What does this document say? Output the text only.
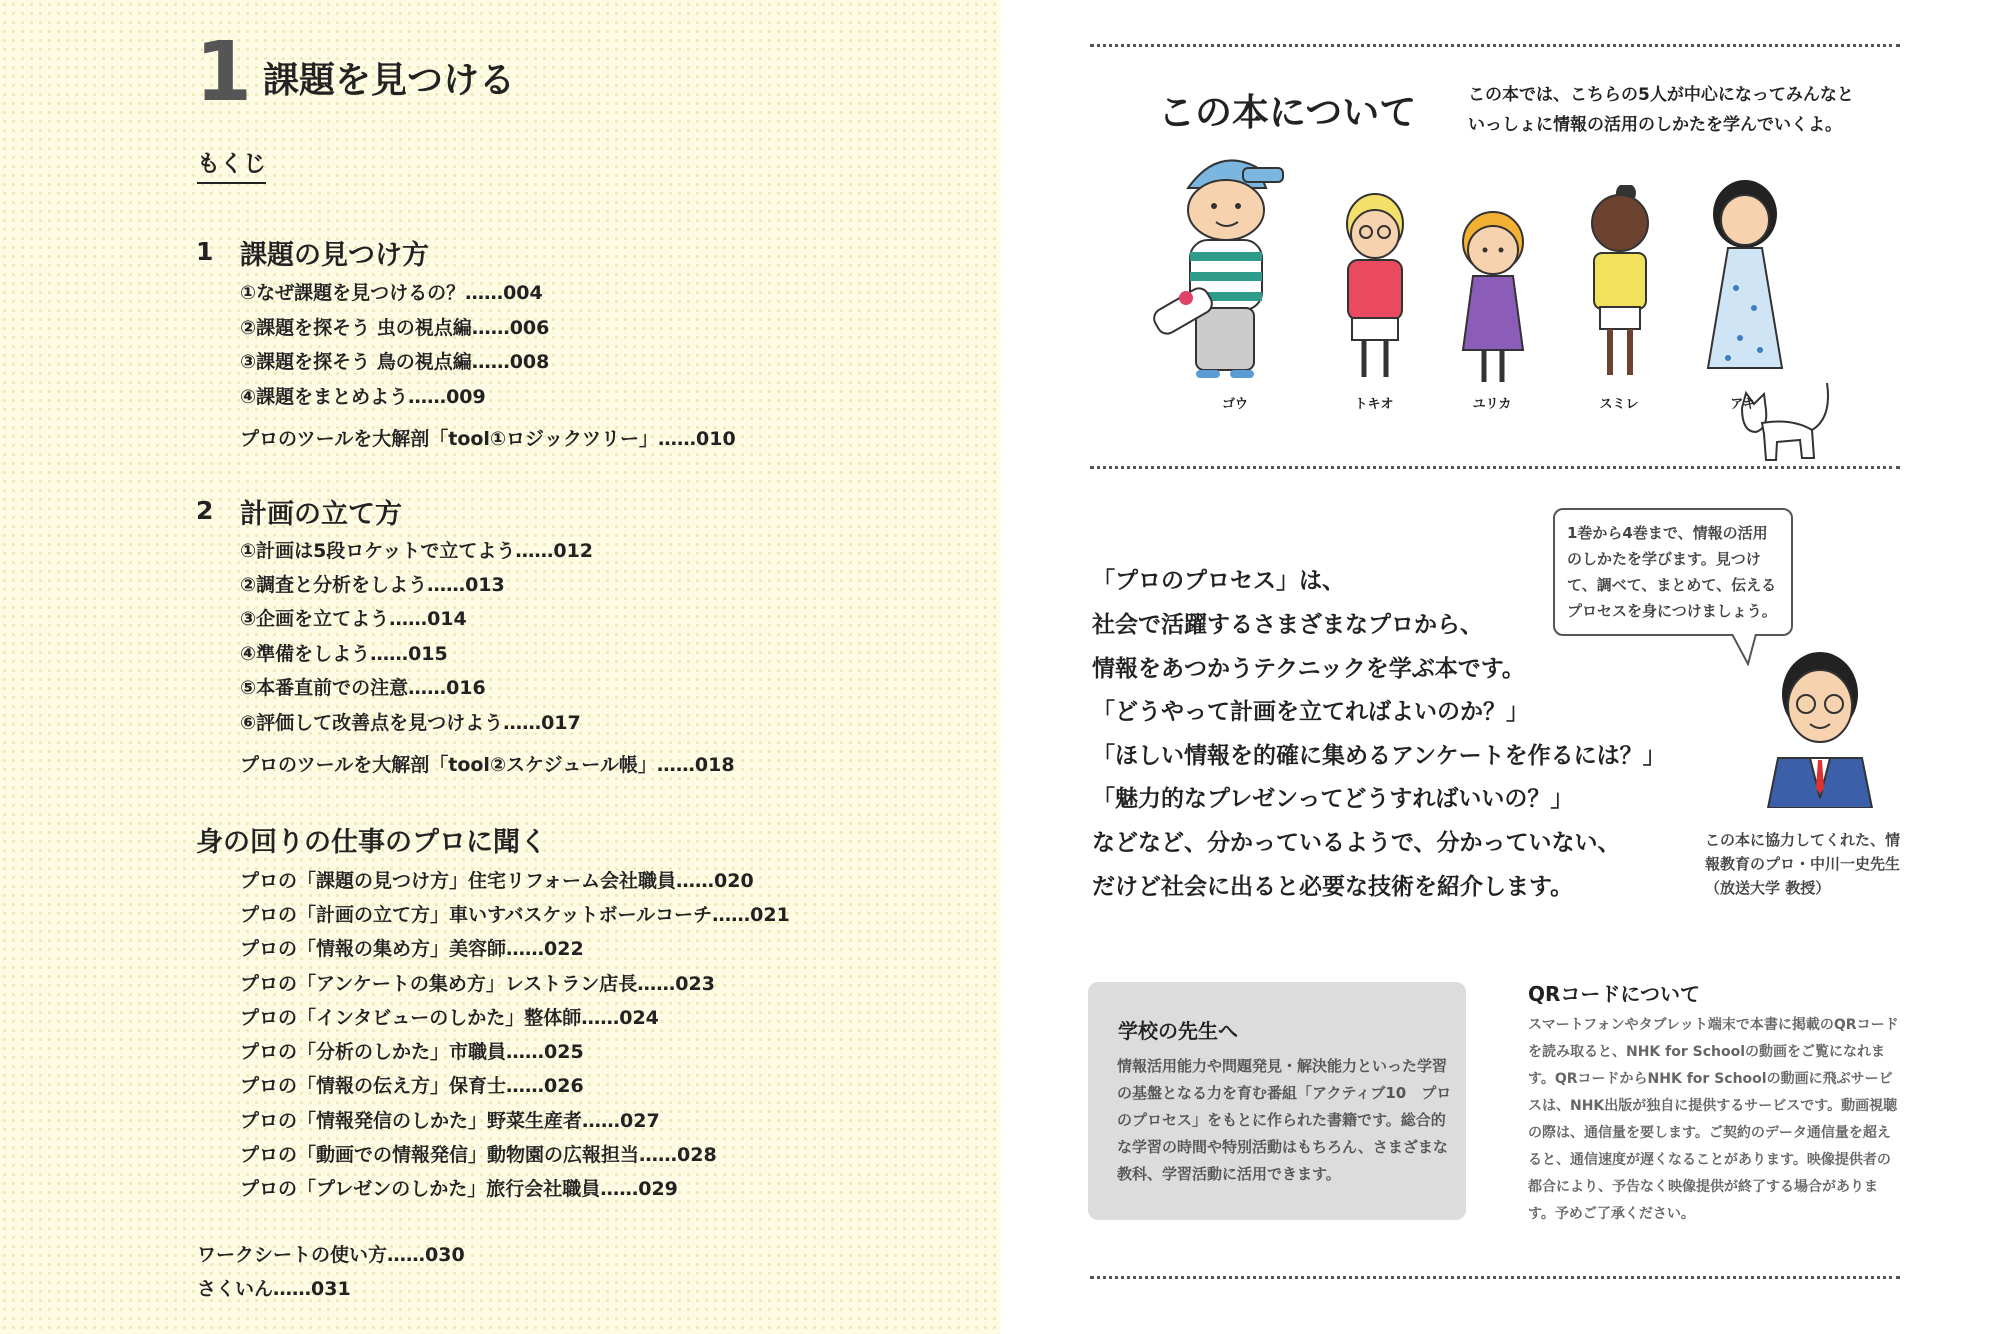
1 課題を見つける
もくじ
1 課題の見つけ方
①なぜ課題を見つけるの？……004
②課題を探そう 虫の視点編……006
③課題を探そう 鳥の視点編……008
④課題をまとめよう……009
プロのツールを大解剖「tool①ロジックツリー」……010
2 計画の立て方
①計画は5段ロケットで立てよう……012
②調査と分析をしよう……013
③企画を立てよう……014
④準備をしよう……015
⑤本番直前での注意……016
⑥評価して改善点を見つけよう……017
プロのツールを大解剖「tool②スケジュール帳」……018
身の回りの仕事のプロに聞く
プロの「課題の見つけ方」住宅リフォーム会社職員……020
プロの「計画の立て方」車いすバスケットボールコーチ……021
プロの「情報の集め方」美容師……022
プロの「アンケートの集め方」レストラン店長……023
プロの「インタビューのしかた」整体師……024
プロの「分析のしかた」市職員……025
プロの「情報の伝え方」保育士……026
プロの「情報発信のしかた」野菜生産者……027
プロの「動画での情報発信」動物園の広報担当……028
プロの「プレゼンのしかた」旅行会社職員……029
ワークシートの使い方……030
さくいん……031
この本について	この本では、こちらの5人が中心になってみんなといっしょに情報の活用のしかたを学んでいくよ。
ゴウ	トキオ	ユリカ	スミレ	アキ
「プロのプロセス」は、
社会で活躍するさまざまなプロから、
情報をあつかうテクニックを学ぶ本です。
「どうやって計画を立てればよいのか？」
「ほしい情報を的確に集めるアンケートを作るには？」
「魅力的なプレゼンってどうすればいいの？」
などなど、分かっているようで、分かっていない、
だけど社会に出ると必要な技術を紹介します。
1巻から4巻まで、情報の活用のしかたを学びます。見つけて、調べて、まとめて、伝えるプロセスを身につけましょう。
この本に協力してくれた、情報教育のプロ・中川一史先生（放送大学 教授）
学校の先生へ
情報活用能力や問題発見・解決能力といった学習の基盤となる力を育む番組「アクティブ10　プロのプロセス」をもとに作られた書籍です。総合的な学習の時間や特別活動はもちろん、さまざまな教科、学習活動に活用できます。
QRコードについて
スマートフォンやタブレット端末で本書に掲載のQRコードを読み取ると、NHK for Schoolの動画をご覧になれます。QRコードからNHK for Schoolの動画に飛ぶサービスは、NHK出版が独自に提供するサービスです。動画視聴の際は、通信量を要します。ご契約のデータ通信量を超えると、通信速度が遅くなることがあります。映像提供者の都合により、予告なく映像提供が終了する場合があります。予めご了承ください。
